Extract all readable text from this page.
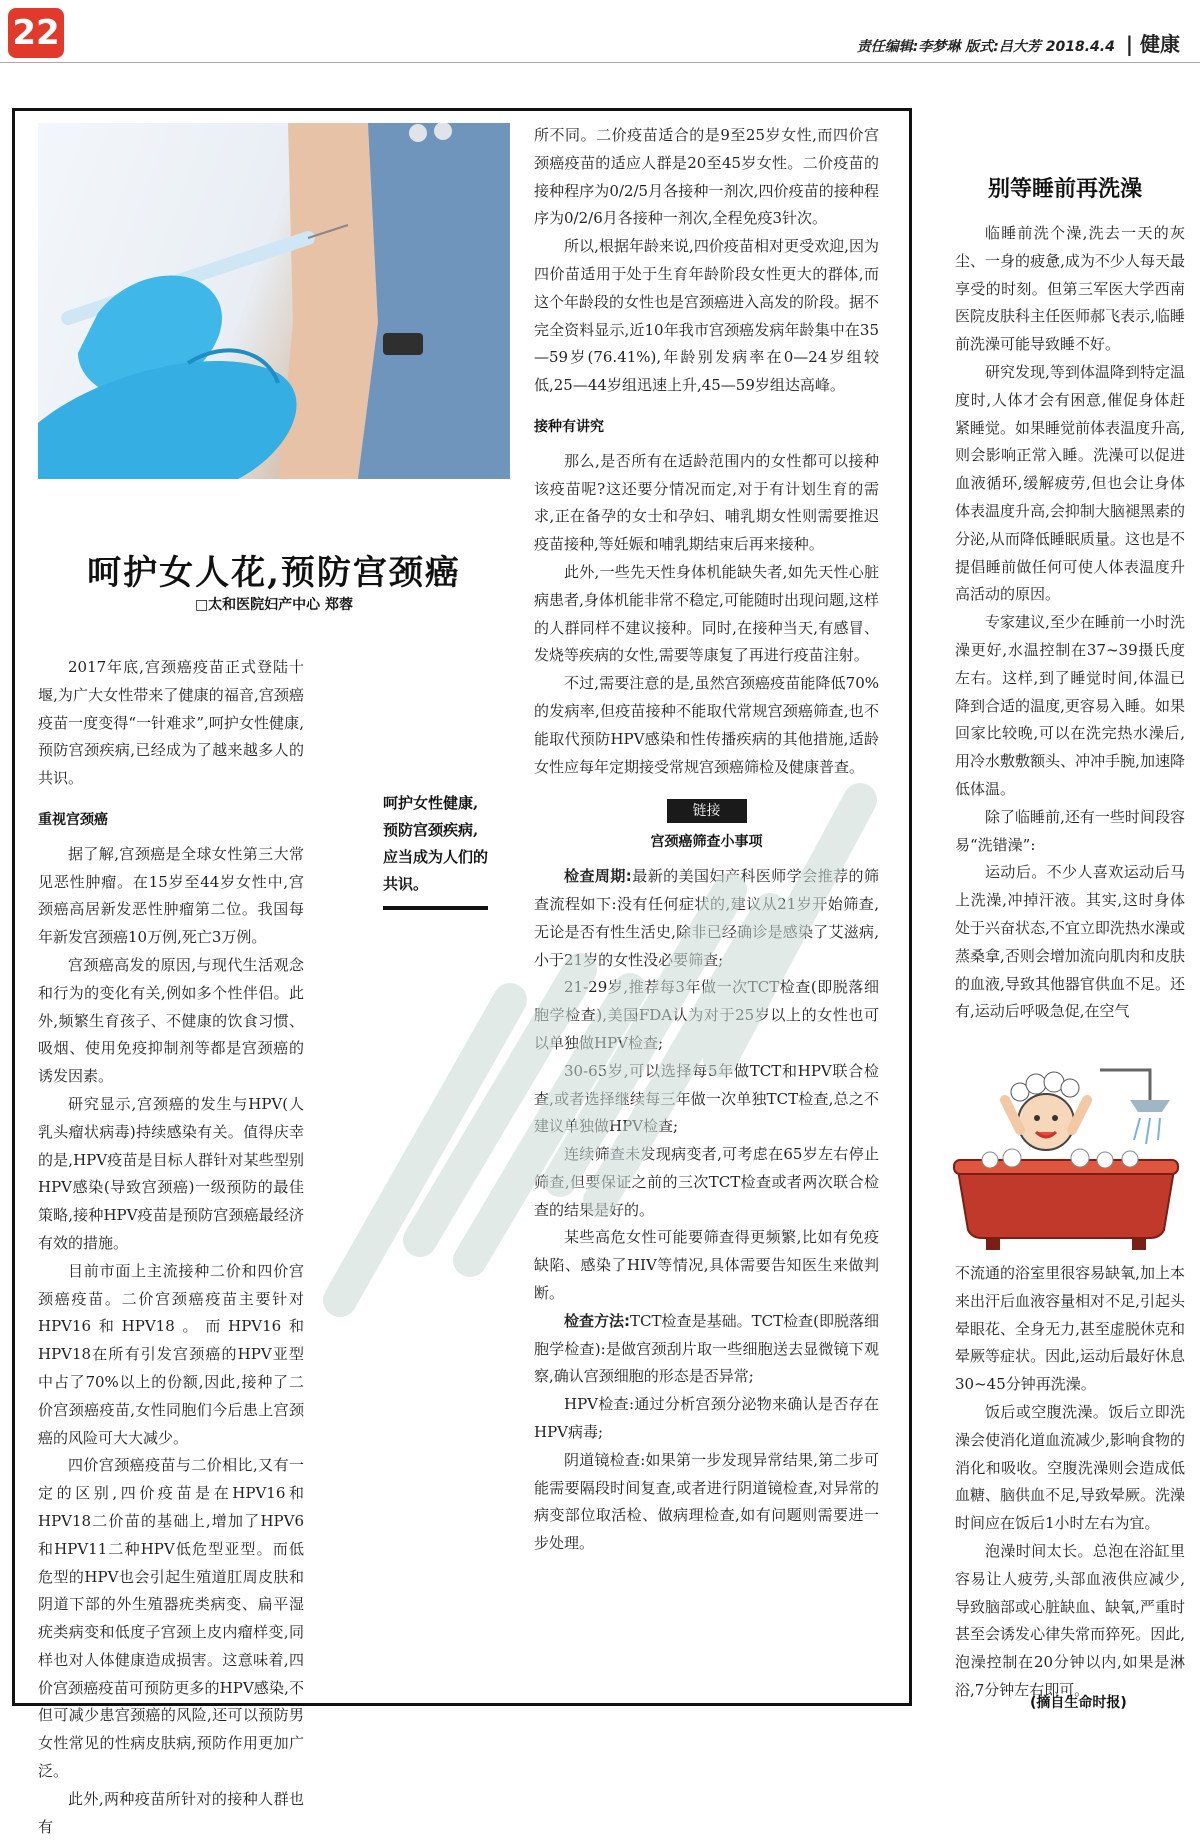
22	责任编辑:李梦琳 版式:吕大芳 2018.4.4 | 健康
呵护女人花,预防宫颈癌
□太和医院妇产中心 郑蓉

2017年底,宫颈癌疫苗正式登陆十堰,为广大女性带来了健康的福音,宫颈癌疫苗一度变得“一针难求”,呵护女性健康,预防宫颈疾病,已经成为了越来越多人的共识。

重视宫颈癌

据了解,宫颈癌是全球女性第三大常见恶性肿瘤。在15岁至44岁女性中,宫颈癌高居新发恶性肿瘤第二位。我国每年新发宫颈癌10万例,死亡3万例。

宫颈癌高发的原因,与现代生活观念和行为的变化有关,例如多个性伴侣。此外,频繁生育孩子、不健康的饮食习惯、吸烟、使用免疫抑制剂等都是宫颈癌的诱发因素。

研究显示,宫颈癌的发生与HPV(人乳头瘤状病毒)持续感染有关。值得庆幸的是,HPV疫苗是目标人群针对某些型别HPV感染(导致宫颈癌)一级预防的最佳策略,接种HPV疫苗是预防宫颈癌最经济有效的措施。

目前市面上主流接种二价和四价宫颈癌疫苗。二价宫颈癌疫苗主要针对HPV16和HPV18。而HPV16和HPV18在所有引发宫颈癌的HPV亚型中占了70%以上的份额,因此,接种了二价宫颈癌疫苗,女性同胞们今后患上宫颈癌的风险可大大减少。

四价宫颈癌疫苗与二价相比,又有一定的区别,四价疫苗是在HPV16和HPV18二价苗的基础上,增加了HPV6和HPV11二种HPV低危型亚型。而低危型的HPV也会引起生殖道肛周皮肤和阴道下部的外生殖器疣类病变、扁平湿疣类病变和低度子宫颈上皮内瘤样变,同样也对人体健康造成损害。这意味着,四价宫颈癌疫苗可预防更多的HPV感染,不但可减少患宫颈癌的风险,还可以预防男女性常见的性病皮肤病,预防作用更加广泛。

此外,两种疫苗所针对的接种人群也有

呵护女性健康,预防宫颈疾病,应当成为人们的共识。

所不同。二价疫苗适合的是9至25岁女性,而四价宫颈癌疫苗的适应人群是20至45岁女性。二价疫苗的接种程序为0/2/5月各接种一剂次,四价疫苗的接种程序为0/2/6月各接种一剂次,全程免疫3针次。

所以,根据年龄来说,四价疫苗相对更受欢迎,因为四价苗适用于处于生育年龄阶段女性更大的群体,而这个年龄段的女性也是宫颈癌进入高发的阶段。据不完全资料显示,近10年我市宫颈癌发病年龄集中在35—59岁(76.41%),年龄别发病率在0—24岁组较低,25—44岁组迅速上升,45—59岁组达高峰。

接种有讲究

那么,是否所有在适龄范围内的女性都可以接种该疫苗呢?这还要分情况而定,对于有计划生育的需求,正在备孕的女士和孕妇、哺乳期女性则需要推迟疫苗接种,等妊娠和哺乳期结束后再来接种。

此外,一些先天性身体机能缺失者,如先天性心脏病患者,身体机能非常不稳定,可能随时出现问题,这样的人群同样不建议接种。同时,在接种当天,有感冒、发烧等疾病的女性,需要等康复了再进行疫苗注射。

不过,需要注意的是,虽然宫颈癌疫苗能降低70%的发病率,但疫苗接种不能取代常规宫颈癌筛查,也不能取代预防HPV感染和性传播疾病的其他措施,适龄女性应每年定期接受常规宫颈癌筛检及健康普查。

链接
宫颈癌筛查小事项

检查周期:最新的美国妇产科医师学会推荐的筛查流程如下:没有任何症状的,建议从21岁开始筛查,无论是否有性生活史,除非已经确诊是感染了艾滋病,小于21岁的女性没必要筛查;

21-29岁,推荐每3年做一次TCT检查(即脱落细胞学检查),美国FDA认为对于25岁以上的女性也可以单独做HPV检查;

30-65岁,可以选择每5年做TCT和HPV联合检查,或者选择继续每三年做一次单独TCT检查,总之不建议单独做HPV检查;

连续筛查未发现病变者,可考虑在65岁左右停止筛查,但要保证之前的三次TCT检查或者两次联合检查的结果是好的。

某些高危女性可能要筛查得更频繁,比如有免疫缺陷、感染了HIV等情况,具体需要告知医生来做判断。

检查方法:TCT检查是基础。TCT检查(即脱落细胞学检查):是做宫颈刮片取一些细胞送去显微镜下观察,确认宫颈细胞的形态是否异常;

HPV检查:通过分析宫颈分泌物来确认是否存在HPV病毒;

阴道镜检查:如果第一步发现异常结果,第二步可能需要隔段时间复查,或者进行阴道镜检查,对异常的病变部位取活检、做病理检查,如有问题则需要进一步处理。

别等睡前再洗澡

临睡前洗个澡,洗去一天的灰尘、一身的疲惫,成为不少人每天最享受的时刻。但第三军医大学西南医院皮肤科主任医师郝飞表示,临睡前洗澡可能导致睡不好。

研究发现,等到体温降到特定温度时,人体才会有困意,催促身体赶紧睡觉。如果睡觉前体表温度升高,则会影响正常入睡。洗澡可以促进血液循环,缓解疲劳,但也会让身体体表温度升高,会抑制大脑褪黑素的分泌,从而降低睡眠质量。这也是不提倡睡前做任何可使人体表温度升高活动的原因。

专家建议,至少在睡前一小时洗澡更好,水温控制在37~39摄氏度左右。这样,到了睡觉时间,体温已降到合适的温度,更容易入睡。如果回家比较晚,可以在洗完热水澡后,用冷水敷敷额头、冲冲手腕,加速降低体温。

除了临睡前,还有一些时间段容易“洗错澡”:

运动后。不少人喜欢运动后马上洗澡,冲掉汗液。其实,这时身体处于兴奋状态,不宜立即洗热水澡或蒸桑拿,否则会增加流向肌肉和皮肤的血液,导致其他器官供血不足。还有,运动后呼吸急促,在空气

不流通的浴室里很容易缺氧,加上本来出汗后血液容量相对不足,引起头晕眼花、全身无力,甚至虚脱休克和晕厥等症状。因此,运动后最好休息30~45分钟再洗澡。

饭后或空腹洗澡。饭后立即洗澡会使消化道血流减少,影响食物的消化和吸收。空腹洗澡则会造成低血糖、脑供血不足,导致晕厥。洗澡时间应在饭后1小时左右为宜。

泡澡时间太长。总泡在浴缸里容易让人疲劳,头部血液供应减少,导致脑部或心脏缺血、缺氧,严重时甚至会诱发心律失常而猝死。因此,泡澡控制在20分钟以内,如果是淋浴,7分钟左右即可。

(摘自生命时报)
